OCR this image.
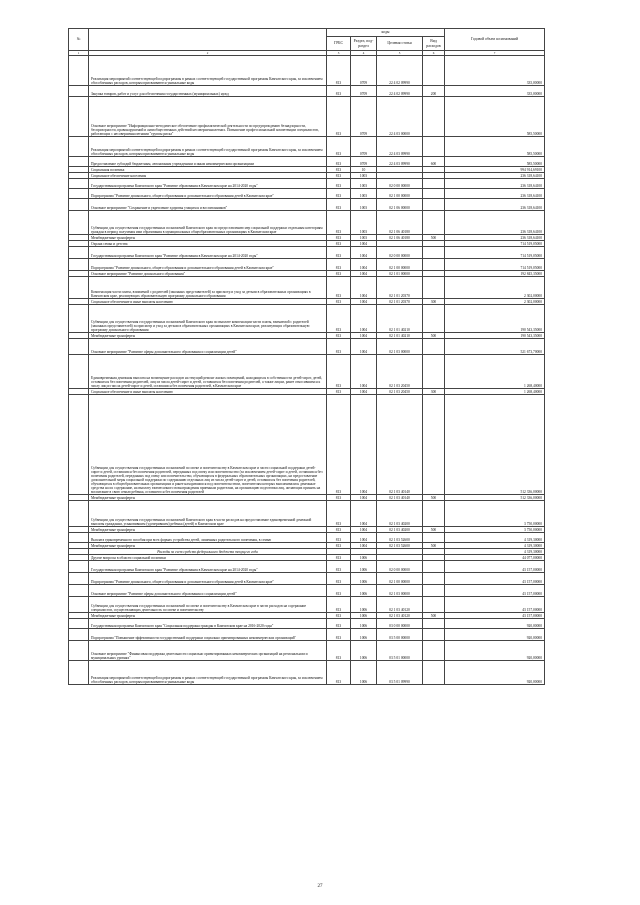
№		коды				Годовой объем ассигнований
		ГРБС	Раздел, под- раздел	Целевая статья	Вид расходов	
1	2	3	4	5	6	7
	Реализация мероприятий соответствующей подпрограммы в рамках соответствующей государственной программы Камчатского края, за исключением обособленных расходов, которым присваиваются уникальные коды	813	0709	22 4 02 09990		335,00000
	Закупка товаров, работ и услуг для обеспечения государственных (муниципальных) нужд	813	0709	22 4 02 09990	200	335,00000
	Основное мероприятие "Информационно-методическое обеспечение профилактической деятельности по предупреждению безнадзорности, беспризорности, правонарушений и антиобщественных действий несовершеннолетних. Повышение профессиональной компетенции специалистов, работающих с несовершеннолетними "группы риска"	813	0709	22 4 03 00000		585,50000
	Реализация мероприятий соответствующей подпрограммы в рамках соответствующей государственной программы Камчатского края, за исключением обособленных расходов, которым присваиваются уникальные коды	813	0709	22 4 03 09990		585,50000
	Предоставление субсидий бюджетным, автономным учреждениям и иным некоммерческим организациям	813	0709	22 4 03 09990	600	585,50000
	Социальная политика	813	10			994 914,69100
	Социальное обеспечение населения	813	1003			236 318,64100
	Государственная программа Камчатского края "Развитие образования в Камчатском крае на 2014-2020 годы"	813	1003	02 0 00 00000		236 318,64100
	Подпрограмма "Развитие дошкольного, общего образования и дополнительного образования детей в Камчатском крае"	813	1003	02 1 00 00000		236 318,64100
	Основное мероприятие "Сохранение и укрепление здоровья учащихся и воспитанников"	813	1003	02 1 06 00000		236 318,64100
	Субвенции для осуществления государственных полномочий Камчатского края по предоставлению мер социальной поддержки отдельным категориям граждан в период получения ими образования в муниципальных общеобразовательных организациях в Камчатском крае	813	1003	02 1 06 40180		236 318,64100
	Межбюджетные трансферты	813	1003	02 1 06 40180	500	236 318,64100
	Охрана семьи и детства	813	1004			714 519,05000
	Государственная программа Камчатского края "Развитие образования в Камчатском крае на 2014-2020 годы"	813	1004	02 0 00 00000		714 519,05000
	Подпрограмма "Развитие дошкольного, общего образования и дополнительного образования детей в Камчатском крае"	813	1004	02 1 00 00000		714 519,05000
	Основное мероприятие "Развитие дошкольного образования"	813	1004	02 1 01 00000		192 845,35000
	Компенсация части платы, взимаемой с родителей (законных представителей) за присмотр и уход за детьми в образовательных организациях в Камчатском крае, реализующих образовательную программу дошкольного образования	813	1004	02 1 01 20370		2 302,00000
	Социальное обеспечение и иные выплаты населению	813	1004	02 1 01 20370	300	2 302,00000
	Субвенции для осуществления государственных полномочий Камчатского края по выплате компенсации части платы, взимаемой с родителей (законных представителей) за присмотр и уход за детьми в образовательных организациях в Камчатском крае, реализующих образовательную программу дошкольного образования	813	1004	02 1 01 40210		190 543,35000
	Межбюджетные трансферты	813	1004	02 1 01 40210	500	190 543,35000
	Основное мероприятие "Развитие сферы дополнительного образования и социализации детей"	813	1004	02 1 03 00000		521 673,70000
	Единовременная денежная выплата на возмещение расходов на текущий ремонт жилых помещений, находящихся в собственности детей-сирот, детей, оставшихся без попечения родителей, лиц из числа детей-сирот и детей, оставшихся без попечения родителей, а также лицам, ранее относившимся к числу лиц из числа детей-сирот и детей, оставшихся без попечения родителей, в Камчатском крае	813	1004	02 1 03 20450		1 268,40000
	Социальное обеспечение и иные выплаты населению	813	1004	02 1 03 20450	300	1 268,40000
	Субвенции для осуществления государственных полномочий по опеке и попечительству в Камчатском крае и части социальной поддержки детей-сирот и детей, оставшихся без попечения родителей, переданных под опеку или попечительство (за исключением детей-сирот и детей, оставшихся без попечения родителей, переданных под опеку или попечительство, обучающихся в федеральных образовательных организациях, на предоставление дополнительной меры социальной поддержки по содержанию отдельных лиц из числа детей-сирот и детей, оставшихся без попечения родителей, обучающихся в общеобразовательных организациях и ранее находившихся под попечительством, попечителям которых выплачивались денежные средства на их содержание, на выплату ежемесячного вознаграждения приемным родителям, на организацию подготовки лиц, желающих принять на воспитание в свою семью ребенка, оставшегося без попечения родителей	813	1004	02 1 03 40140		512 336,00000
	Межбюджетные трансферты	813	1004	02 1 03 40140	500	512 336,00000
	Субвенции для осуществления государственных полномочий Камчатского края в части расходов на предоставление единовременной денежной выплаты гражданам, усыновившим (удочерившим) ребенка (детей) в Камчатском крае	813	1004	02 1 03 40200		3 750,00000
	Межбюджетные трансферты	813	1004	02 1 03 40200	500	3 750,00000
	Выплата единовременного пособия при всех формах устройства детей, лишенных родительского попечения, в семью	813	1004	02 1 03 52600		4 319,30000
	Межбюджетные трансферты	813	1004	02 1 03 52600	500	4 319,30000
	Расходы за счет средств федерального бюджета текущего года					4 319,30000
	Другие вопросы в области социальной политики	813	1006			44 077,00000
	Государственная программа Камчатского края "Развитие образования в Камчатском крае на 2014-2020 годы"	813	1006	02 0 00 00000		43 157,00000
	Подпрограмма "Развитие дошкольного, общего образования и дополнительного образования детей в Камчатском крае"	813	1006	02 1 00 00000		43 157,00000
	Основное мероприятие "Развитие сферы дополнительного образования и социализации детей"	813	1006	02 1 03 00000		43 157,00000
	Субвенции для осуществления государственных полномочий по опеке и попечительству в Камчатском крае в части расходов на содержание специалистов, осуществляющих деятельность по опеке и попечительству	813	1006	02 1 03 40120		43 157,00000
	Межбюджетные трансферты	813	1006	02 1 03 40120	500	43 157,00000
	Государственная программа Камчатского края "Социальная поддержка граждан в Камчатском крае на 2016-2020 годы"	813	1006	03 0 00 00000		920,00000
	Подпрограмма "Повышение эффективности государственной поддержки социально ориентированных некоммерческих организаций"	813	1006	03 5 00 00000		920,00000
	Основное мероприятие "Финансовая поддержка деятельности социально ориентированных некоммерческих организаций на региональном и муниципальных уровнях"	813	1006	03 5 01 00000		920,00000
	Реализация мероприятий соответствующей подпрограммы в рамках соответствующей государственной программы Камчатского края, за исключением обособленных расходов, которым присваиваются уникальные коды	813	1006	03 5 01 09990		920,00000
27
